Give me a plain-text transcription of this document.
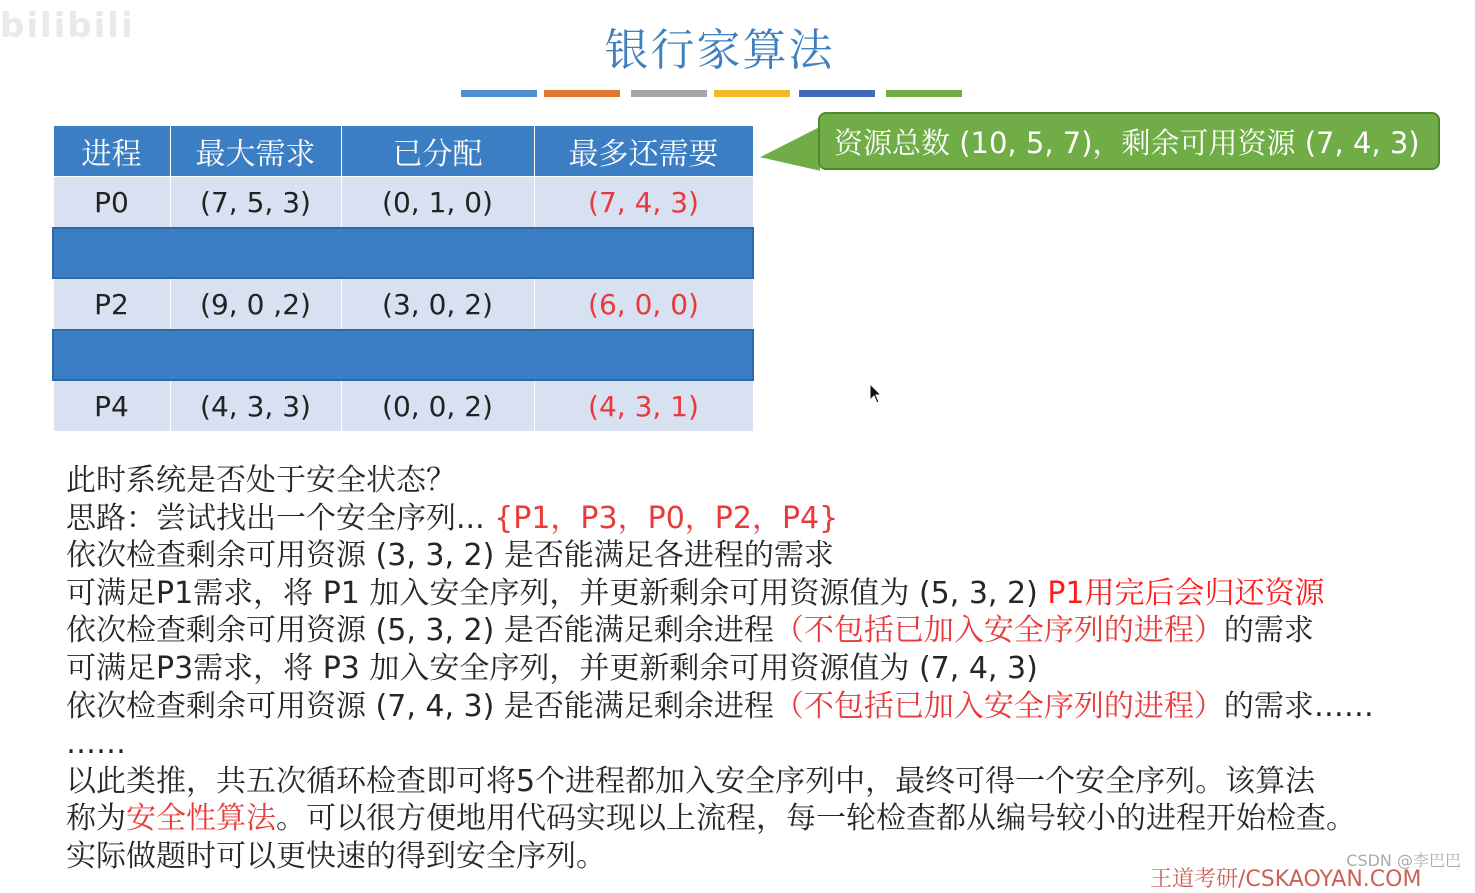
bilibili	银行家算法
进程	最大需求	已分配	最多还需要
P0	(7, 5, 3)	(0, 1, 0)	(7, 4, 3)

P2	(9, 0 ,2)	(3, 0, 2)	(6, 0, 0)

P4	(4, 3, 3)	(0, 0, 2)	(4, 3, 1)
资源总数 (10, 5, 7)，剩余可用资源 (7, 4, 3)
此时系统是否处于安全状态？
思路：尝试找出一个安全序列... {P1，P3，P0，P2，P4}
依次检查剩余可用资源 (3, 3, 2) 是否能满足各进程的需求
可满足P1需求，将 P1 加入安全序列，并更新剩余可用资源值为 (5, 3, 2) P1用完后会归还资源
依次检查剩余可用资源 (5, 3, 2) 是否能满足剩余进程（不包括已加入安全序列的进程）的需求
可满足P3需求，将 P3 加入安全序列，并更新剩余可用资源值为 (7, 4, 3)
依次检查剩余可用资源 (7, 4, 3) 是否能满足剩余进程（不包括已加入安全序列的进程）的需求……
……
以此类推，共五次循环检查即可将5个进程都加入安全序列中，最终可得一个安全序列。该算法
称为安全性算法。可以很方便地用代码实现以上流程，每一轮检查都从编号较小的进程开始检查。
实际做题时可以更快速的得到安全序列。
王道考研/CSKAOYAN.COM
CSDN @李巴巴
